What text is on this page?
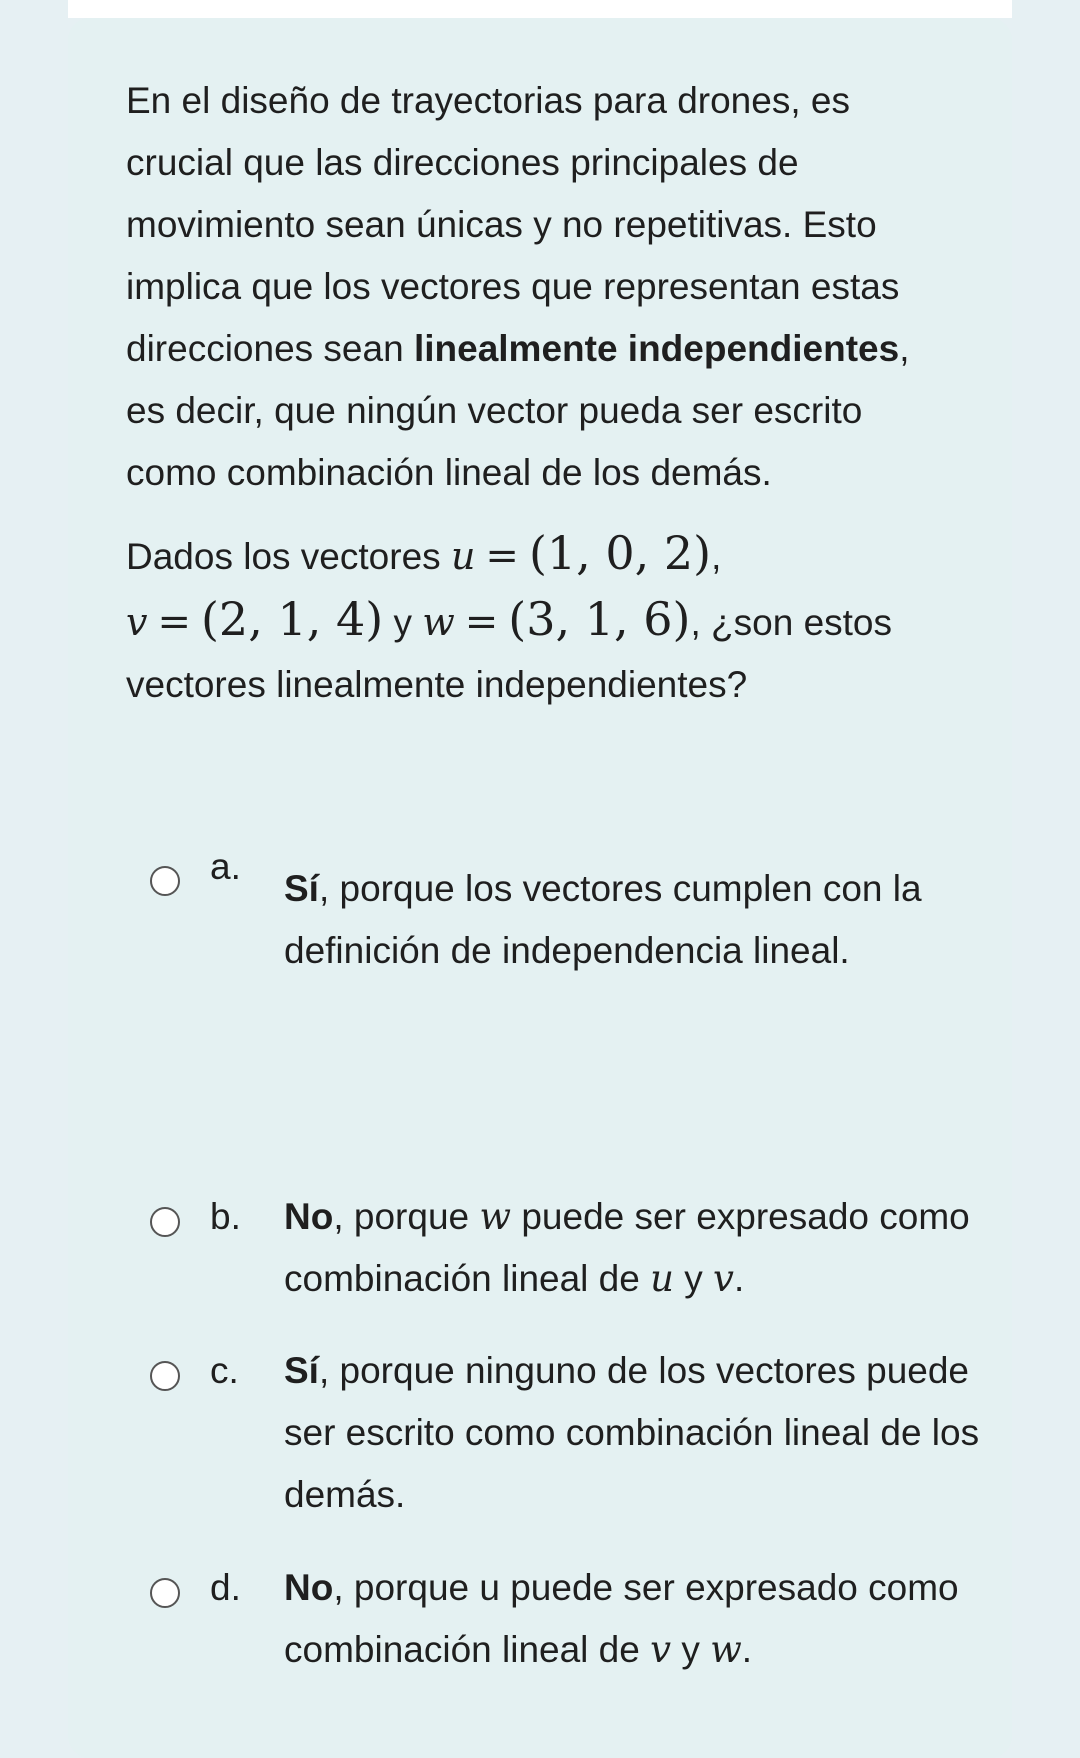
En el diseño de trayectorias para drones, es crucial que las direcciones principales de movimiento sean únicas y no repetitivas. Esto implica que los vectores que representan estas direcciones sean linealmente independientes, es decir, que ningún vector pueda ser escrito como combinación lineal de los demás.

Dados los vectores u = (1, 0, 2),
v = (2, 1, 4) y w = (3, 1, 6), ¿son estos vectores linealmente independientes?

a.
Sí, porque los vectores cumplen con la definición de independencia lineal.
b. No, porque w puede ser expresado como combinación lineal de u y v.
c. Sí, porque ninguno de los vectores puede ser escrito como combinación lineal de los demás.
d. No, porque u puede ser expresado como combinación lineal de v y w.
